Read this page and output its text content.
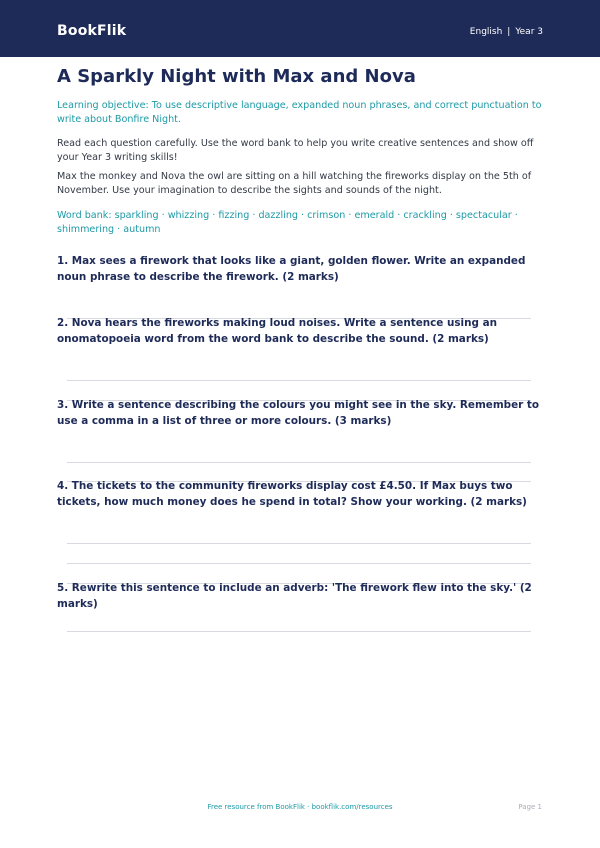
BookFlik	English | Year 3
A Sparkly Night with Max and Nova

Learning objective: To use descriptive language, expanded noun phrases, and correct punctuation to write about Bonfire Night.

Read each question carefully. Use the word bank to help you write creative sentences and show off your Year 3 writing skills!

Max the monkey and Nova the owl are sitting on a hill watching the fireworks display on the 5th of November. Use your imagination to describe the sights and sounds of the night.

Word bank: sparkling · whizzing · fizzing · dazzling · crimson · emerald · crackling · spectacular · shimmering · autumn

1. Max sees a firework that looks like a giant, golden flower. Write an expanded noun phrase to describe the firework. (2 marks)

2. Nova hears the fireworks making loud noises. Write a sentence using an onomatopoeia word from the word bank to describe the sound. (2 marks)

3. Write a sentence describing the colours you might see in the sky. Remember to use a comma in a list of three or more colours. (3 marks)

4. The tickets to the community fireworks display cost £4.50. If Max buys two tickets, how much money does he spend in total? Show your working. (2 marks)

5. Rewrite this sentence to include an adverb: 'The firework flew into the sky.' (2 marks)

Free resource from BookFlik · bookflik.com/resources	Page 1
